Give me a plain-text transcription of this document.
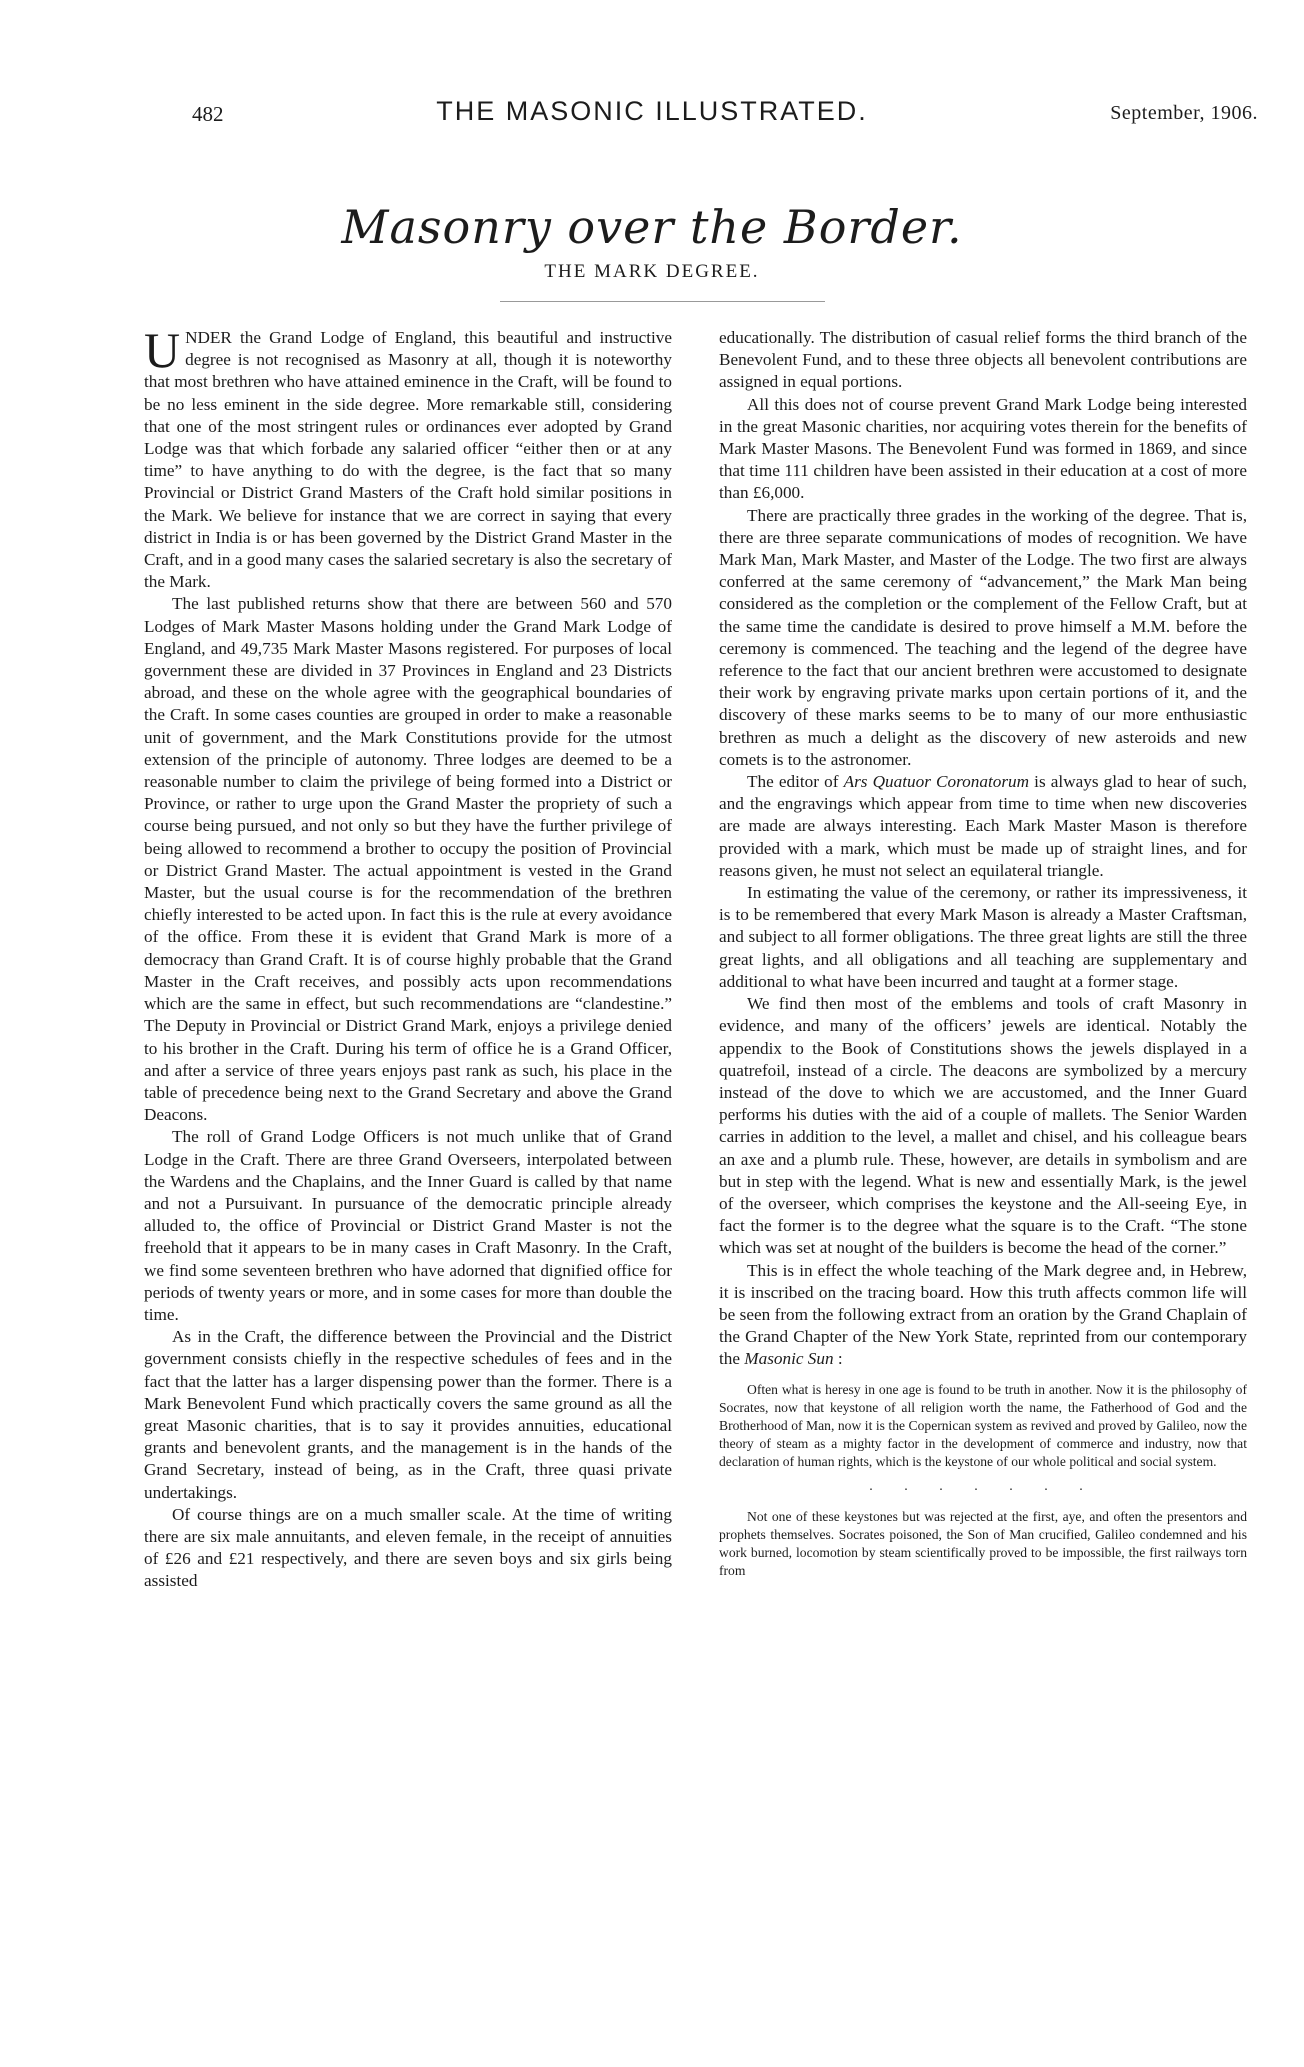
482	THE MASONIC ILLUSTRATED.	September, 1906.
Masonry over the Border.
THE MARK DEGREE.

UNDER the Grand Lodge of England, this beautiful and instructive degree is not recognised as Masonry at all, though it is noteworthy that most brethren who have attained eminence in the Craft, will be found to be no less eminent in the side degree. More remarkable still, considering that one of the most stringent rules or ordinances ever adopted by Grand Lodge was that which forbade any salaried officer “either then or at any time” to have anything to do with the degree, is the fact that so many Provincial or District Grand Masters of the Craft hold similar positions in the Mark. We believe for instance that we are correct in saying that every district in India is or has been governed by the District Grand Master in the Craft, and in a good many cases the salaried secretary is also the secretary of the Mark.

The last published returns show that there are between 560 and 570 Lodges of Mark Master Masons holding under the Grand Mark Lodge of England, and 49,735 Mark Master Masons registered. For purposes of local government these are divided in 37 Provinces in England and 23 Districts abroad, and these on the whole agree with the geographical boundaries of the Craft. In some cases counties are grouped in order to make a reasonable unit of government, and the Mark Constitutions provide for the utmost extension of the principle of autonomy. Three lodges are deemed to be a reasonable number to claim the privilege of being formed into a District or Province, or rather to urge upon the Grand Master the propriety of such a course being pursued, and not only so but they have the further privilege of being allowed to recommend a brother to occupy the position of Provincial or District Grand Master. The actual appointment is vested in the Grand Master, but the usual course is for the recommendation of the brethren chiefly interested to be acted upon. In fact this is the rule at every avoidance of the office. From these it is evident that Grand Mark is more of a democracy than Grand Craft. It is of course highly probable that the Grand Master in the Craft receives, and possibly acts upon recommendations which are the same in effect, but such recommendations are “clandestine.” The Deputy in Provincial or District Grand Mark, enjoys a privilege denied to his brother in the Craft. During his term of office he is a Grand Officer, and after a service of three years enjoys past rank as such, his place in the table of precedence being next to the Grand Secretary and above the Grand Deacons.

The roll of Grand Lodge Officers is not much unlike that of Grand Lodge in the Craft. There are three Grand Overseers, interpolated between the Wardens and the Chaplains, and the Inner Guard is called by that name and not a Pursuivant. In pursuance of the democratic principle already alluded to, the office of Provincial or District Grand Master is not the freehold that it appears to be in many cases in Craft Masonry. In the Craft, we find some seventeen brethren who have adorned that dignified office for periods of twenty years or more, and in some cases for more than double the time.

As in the Craft, the difference between the Provincial and the District government consists chiefly in the respective schedules of fees and in the fact that the latter has a larger dispensing power than the former. There is a Mark Benevolent Fund which practically covers the same ground as all the great Masonic charities, that is to say it provides annuities, educational grants and benevolent grants, and the management is in the hands of the Grand Secretary, instead of being, as in the Craft, three quasi private undertakings.

Of course things are on a much smaller scale. At the time of writing there are six male annuitants, and eleven female, in the receipt of annuities of £26 and £21 respectively, and there are seven boys and six girls being assisted

educationally. The distribution of casual relief forms the third branch of the Benevolent Fund, and to these three objects all benevolent contributions are assigned in equal portions.

All this does not of course prevent Grand Mark Lodge being interested in the great Masonic charities, nor acquiring votes therein for the benefits of Mark Master Masons. The Benevolent Fund was formed in 1869, and since that time 111 children have been assisted in their education at a cost of more than £6,000.

There are practically three grades in the working of the degree. That is, there are three separate communications of modes of recognition. We have Mark Man, Mark Master, and Master of the Lodge. The two first are always conferred at the same ceremony of “advancement,” the Mark Man being considered as the completion or the complement of the Fellow Craft, but at the same time the candidate is desired to prove himself a M.M. before the ceremony is commenced. The teaching and the legend of the degree have reference to the fact that our ancient brethren were accustomed to designate their work by engraving private marks upon certain portions of it, and the discovery of these marks seems to be to many of our more enthusiastic brethren as much a delight as the discovery of new asteroids and new comets is to the astronomer.

The editor of Ars Quatuor Coronatorum is always glad to hear of such, and the engravings which appear from time to time when new discoveries are made are always interesting. Each Mark Master Mason is therefore provided with a mark, which must be made up of straight lines, and for reasons given, he must not select an equilateral triangle.

In estimating the value of the ceremony, or rather its impressiveness, it is to be remembered that every Mark Mason is already a Master Craftsman, and subject to all former obligations. The three great lights are still the three great lights, and all obligations and all teaching are supplementary and additional to what have been incurred and taught at a former stage.

We find then most of the emblems and tools of craft Masonry in evidence, and many of the officers’ jewels are identical. Notably the appendix to the Book of Constitutions shows the jewels displayed in a quatrefoil, instead of a circle. The deacons are symbolized by a mercury instead of the dove to which we are accustomed, and the Inner Guard performs his duties with the aid of a couple of mallets. The Senior Warden carries in addition to the level, a mallet and chisel, and his colleague bears an axe and a plumb rule. These, however, are details in symbolism and are but in step with the legend. What is new and essentially Mark, is the jewel of the overseer, which comprises the keystone and the All-seeing Eye, in fact the former is to the degree what the square is to the Craft. “The stone which was set at nought of the builders is become the head of the corner.”

This is in effect the whole teaching of the Mark degree and, in Hebrew, it is inscribed on the tracing board. How this truth affects common life will be seen from the following extract from an oration by the Grand Chaplain of the Grand Chapter of the New York State, reprinted from our contemporary the Masonic Sun :

Often what is heresy in one age is found to be truth in another. Now it is the philosophy of Socrates, now that keystone of all religion worth the name, the Fatherhood of God and the Brotherhood of Man, now it is the Copernican system as revived and proved by Galileo, now the theory of steam as a mighty factor in the development of commerce and industry, now that declaration of human rights, which is the keystone of our whole political and social system.

. . . . . . .

Not one of these keystones but was rejected at the first, aye, and often the presentors and prophets themselves. Socrates poisoned, the Son of Man crucified, Galileo condemned and his work burned, locomotion by steam scientifically proved to be impossible, the first railways torn from
